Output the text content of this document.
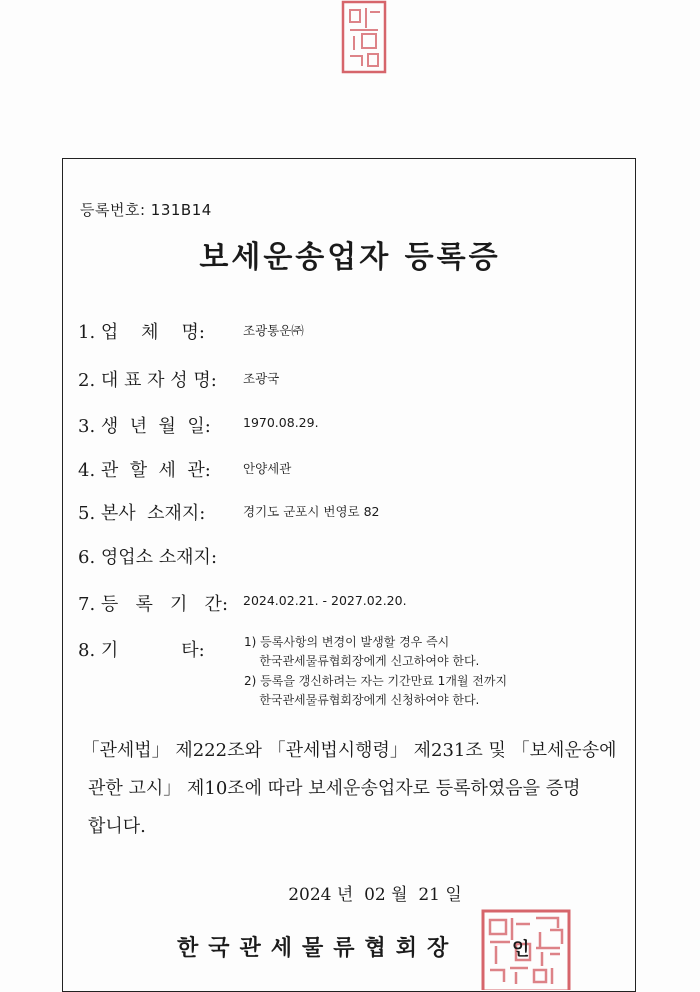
등록번호: 131B14
보세운송업자 등록증
1. 업    체    명:	조광통운㈜
2. 대 표 자 성 명: 조광국
3. 생  년  월  일:	1970.08.29.
4. 관  할  세  관:	안양세관
5. 본사  소재지:	경기도 군포시 번영로 82
6. 영업소 소재지:
7. 등   록   기   간: 2024.02.21. - 2027.02.20.
8. 기           타:	1) 등록사항의 변경이 발생할 경우 즉시
한국관세물류협회장에게 신고하여야 한다.
2) 등록을 갱신하려는 자는 기간만료 1개월 전까지
한국관세물류협회장에게 신청하여야 한다.
「관세법」 제222조와 「관세법시행령」 제231조 및 「보세운송에
관한 고시」 제10조에 따라 보세운송업자로 등록하였음을 증명
합니다.
2024 년  02 월  21 일
한국관세물류협회장	인
